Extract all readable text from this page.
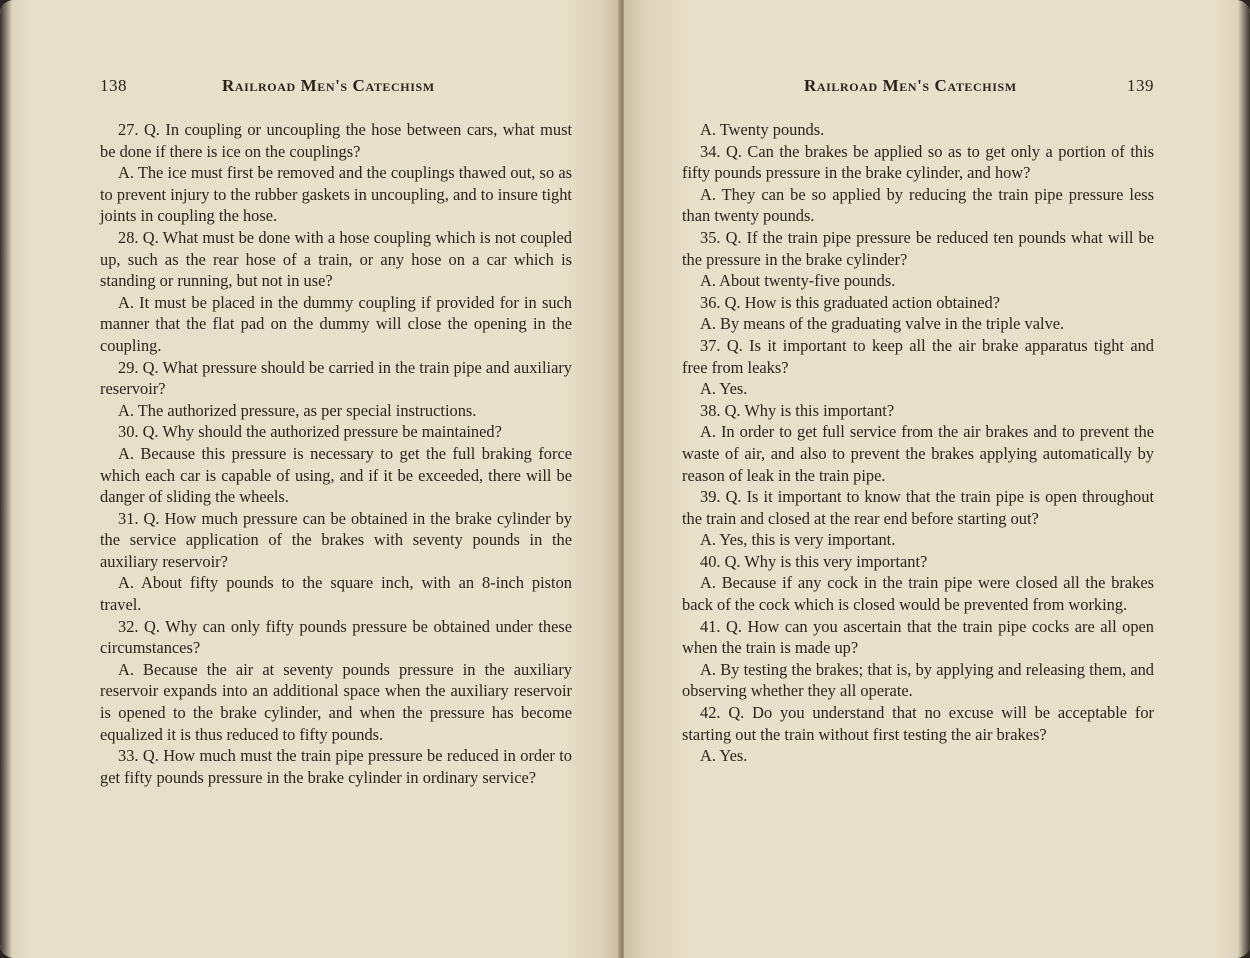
138	Railroad Men's Catechism

27. Q. In coupling or uncoupling the hose between cars, what must be done if there is ice on the couplings?

A. The ice must first be removed and the couplings thawed out, so as to prevent injury to the rubber gaskets in uncoupling, and to insure tight joints in coupling the hose.

28. Q. What must be done with a hose coupling which is not coupled up, such as the rear hose of a train, or any hose on a car which is standing or running, but not in use?

A. It must be placed in the dummy coupling if provided for in such manner that the flat pad on the dummy will close the opening in the coupling.

29. Q. What pressure should be carried in the train pipe and auxiliary reservoir?

A. The authorized pressure, as per special instructions.

30. Q. Why should the authorized pressure be maintained?

A. Because this pressure is necessary to get the full braking force which each car is capable of using, and if it be exceeded, there will be danger of sliding the wheels.

31. Q. How much pressure can be obtained in the brake cylinder by the service application of the brakes with seventy pounds in the auxiliary reservoir?

A. About fifty pounds to the square inch, with an 8-inch piston travel.

32. Q. Why can only fifty pounds pressure be obtained under these circumstances?

A. Because the air at seventy pounds pressure in the auxiliary reservoir expands into an additional space when the auxiliary reservoir is opened to the brake cylinder, and when the pressure has become equalized it is thus reduced to fifty pounds.

33. Q. How much must the train pipe pressure be reduced in order to get fifty pounds pressure in the brake cylinder in ordinary service?

Railroad Men's Catechism	139

A. Twenty pounds.

34. Q. Can the brakes be applied so as to get only a portion of this fifty pounds pressure in the brake cylinder, and how?

A. They can be so applied by reducing the train pipe pressure less than twenty pounds.

35. Q. If the train pipe pressure be reduced ten pounds what will be the pressure in the brake cylinder?

A. About twenty-five pounds.

36. Q. How is this graduated action obtained?

A. By means of the graduating valve in the triple valve.

37. Q. Is it important to keep all the air brake apparatus tight and free from leaks?

A. Yes.

38. Q. Why is this important?

A. In order to get full service from the air brakes and to prevent the waste of air, and also to prevent the brakes applying automatically by reason of leak in the train pipe.

39. Q. Is it important to know that the train pipe is open throughout the train and closed at the rear end before starting out?

A. Yes, this is very important.

40. Q. Why is this very important?

A. Because if any cock in the train pipe were closed all the brakes back of the cock which is closed would be prevented from working.

41. Q. How can you ascertain that the train pipe cocks are all open when the train is made up?

A. By testing the brakes; that is, by applying and releasing them, and observing whether they all operate.

42. Q. Do you understand that no excuse will be acceptable for starting out the train without first testing the air brakes?

A. Yes.
